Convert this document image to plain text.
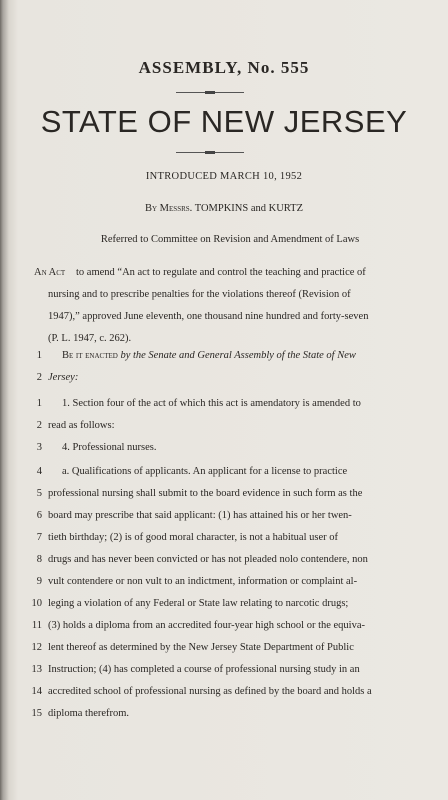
ASSEMBLY, No. 555
STATE OF NEW JERSEY
INTRODUCED MARCH 10, 1952
By Messrs. TOMPKINS and KURTZ
Referred to Committee on Revision and Amendment of Laws
An Act to amend “An act to regulate and control the teaching and practice of
nursing and to prescribe penalties for the violations thereof (Revision of
1947),” approved June eleventh, one thousand nine hundred and forty-seven
(P. L. 1947, c. 262).
1 Be it enacted by the Senate and General Assembly of the State of New
2 Jersey:
1 1. Section four of the act of which this act is amendatory is amended to
2 read as follows:
3 4. Professional nurses.
4 a. Qualifications of applicants. An applicant for a license to practice
5 professional nursing shall submit to the board evidence in such form as the
6 board may prescribe that said applicant: (1) has attained his or her twen-
7 tieth birthday; (2) is of good moral character, is not a habitual user of
8 drugs and has never been convicted or has not pleaded nolo contendere, non
9 vult contendere or non vult to an indictment, information or complaint al-
10 leging a violation of any Federal or State law relating to narcotic drugs;
11 (3) holds a diploma from an accredited four-year high school or the equiva-
12 lent thereof as determined by the New Jersey State Department of Public
13 Instruction; (4) has completed a course of professional nursing study in an
14 accredited school of professional nursing as defined by the board and holds a
15 diploma therefrom.
